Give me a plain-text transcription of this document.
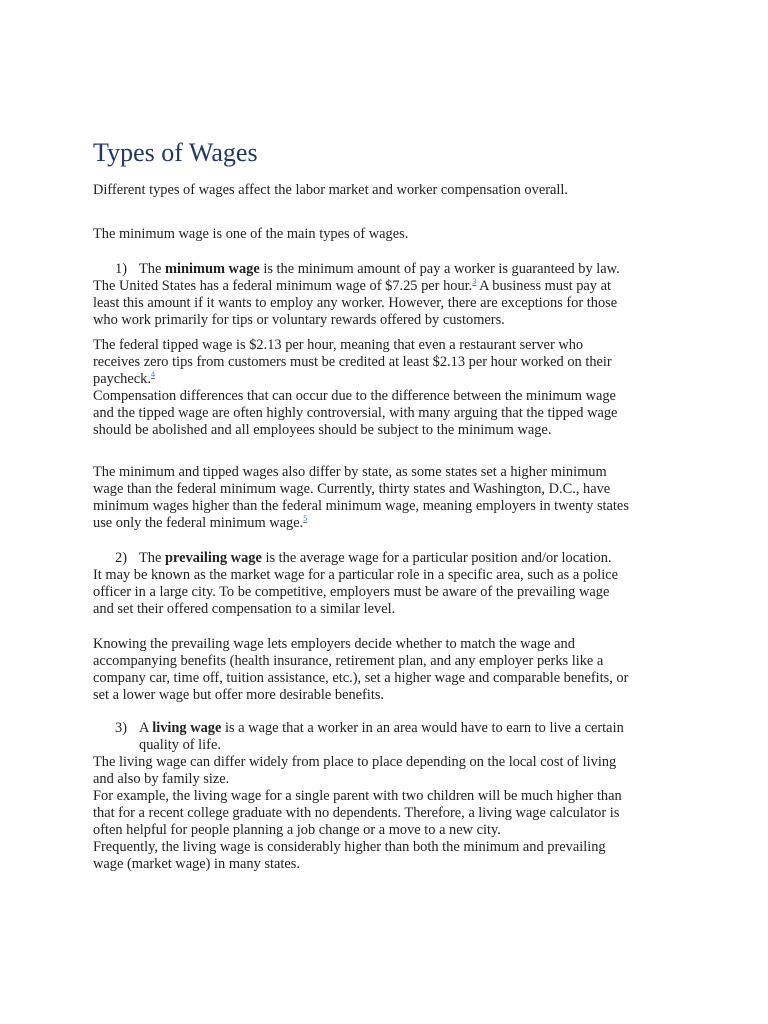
Types of Wages

Different types of wages affect the labor market and worker compensation overall.

The minimum wage is one of the main types of wages.

1) The minimum wage is the minimum amount of pay a worker is guaranteed by law.
The United States has a federal minimum wage of $7.25 per hour.$^3$ A business must pay at
least this amount if it wants to employ any worker. However, there are exceptions for those
who work primarily for tips or voluntary rewards offered by customers.
The federal tipped wage is $2.13 per hour, meaning that even a restaurant server who
receives zero tips from customers must be credited at least $2.13 per hour worked on their
paycheck.$^4$
Compensation differences that can occur due to the difference between the minimum wage
and the tipped wage are often highly controversial, with many arguing that the tipped wage
should be abolished and all employees should be subject to the minimum wage.
The minimum and tipped wages also differ by state, as some states set a higher minimum
wage than the federal minimum wage. Currently, thirty states and Washington, D.C., have
minimum wages higher than the federal minimum wage, meaning employers in twenty states
use only the federal minimum wage.$^5$
2) The prevailing wage is the average wage for a particular position and/or location.
It may be known as the market wage for a particular role in a specific area, such as a police
officer in a large city. To be competitive, employers must be aware of the prevailing wage
and set their offered compensation to a similar level.
Knowing the prevailing wage lets employers decide whether to match the wage and
accompanying benefits (health insurance, retirement plan, and any employer perks like a
company car, time off, tuition assistance, etc.), set a higher wage and comparable benefits, or
set a lower wage but offer more desirable benefits.
3) A living wage is a wage that a worker in an area would have to earn to live a certain
quality of life.
The living wage can differ widely from place to place depending on the local cost of living
and also by family size.
For example, the living wage for a single parent with two children will be much higher than
that for a recent college graduate with no dependents. Therefore, a living wage calculator is
often helpful for people planning a job change or a move to a new city.
Frequently, the living wage is considerably higher than both the minimum and prevailing
wage (market wage) in many states.
